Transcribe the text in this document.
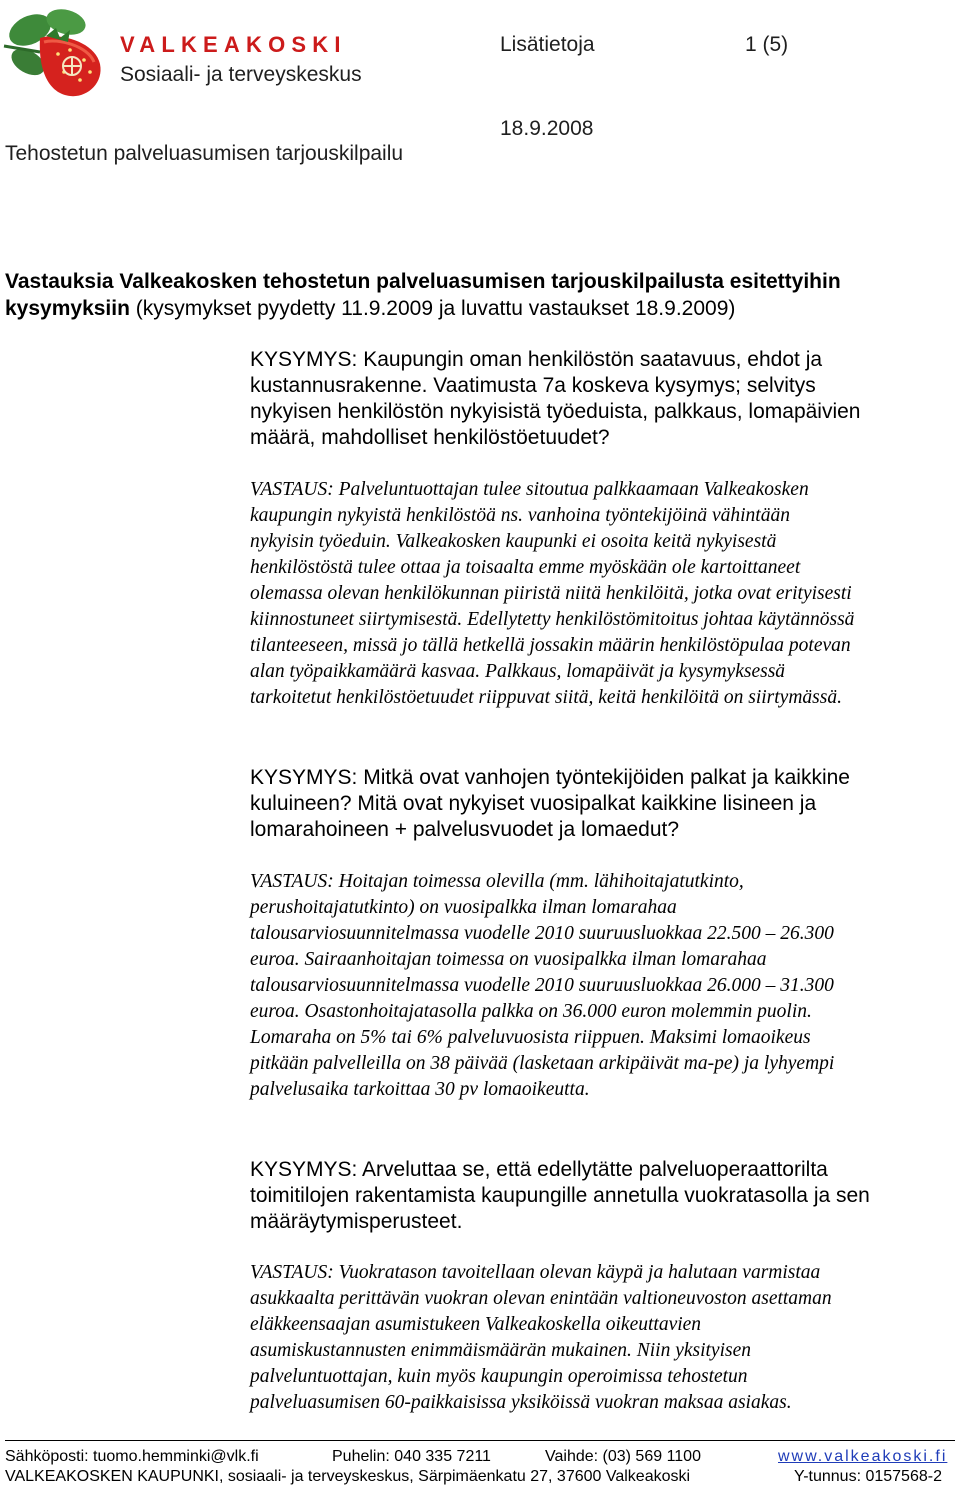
VALKEAKOSKI
Sosiaali- ja terveyskeskus
Lisätietoja	1 (5)
18.9.2008
Tehostetun palveluasumisen tarjouskilpailu
Vastauksia Valkeakosken tehostetun palveluasumisen tarjouskilpailusta esitettyihin
kysymyksiin (kysymykset pyydetty 11.9.2009 ja luvattu vastaukset 18.9.2009)
KYSYMYS: Kaupungin oman henkilöstön saatavuus, ehdot ja
kustannusrakenne. Vaatimusta 7a koskeva kysymys; selvitys
nykyisen henkilöstön nykyisistä työeduista, palkkaus, lomapäivien
määrä, mahdolliset henkilöstöetuudet?
VASTAUS: Palveluntuottajan tulee sitoutua palkkaamaan Valkeakosken
kaupungin nykyistä henkilöstöä ns. vanhoina työntekijöinä vähintään
nykyisin työeduin. Valkeakosken kaupunki ei osoita keitä nykyisestä
henkilöstöstä tulee ottaa ja toisaalta emme myöskään ole kartoittaneet
olemassa olevan henkilökunnan piiristä niitä henkilöitä, jotka ovat erityisesti
kiinnostuneet siirtymisestä. Edellytetty henkilöstömitoitus johtaa käytännössä
tilanteeseen, missä jo tällä hetkellä jossakin määrin henkilöstöpulaa potevan
alan työpaikkamäärä kasvaa. Palkkaus, lomapäivät ja kysymyksessä
tarkoitetut henkilöstöetuudet riippuvat siitä, keitä henkilöitä on siirtymässä.
KYSYMYS: Mitkä ovat vanhojen työntekijöiden palkat ja kaikkine
kuluineen? Mitä ovat nykyiset vuosipalkat kaikkine lisineen ja
lomarahoineen + palvelusvuodet ja lomaedut?
VASTAUS: Hoitajan toimessa olevilla (mm. lähihoitajatutkinto,
perushoitajatutkinto) on vuosipalkka ilman lomarahaa
talousarviosuunnitelmassa vuodelle 2010 suuruusluokkaa 22.500 – 26.300
euroa. Sairaanhoitajan toimessa on vuosipalkka ilman lomarahaa
talousarviosuunnitelmassa vuodelle 2010 suuruusluokkaa 26.000 – 31.300
euroa. Osastonhoitajatasolla palkka on 36.000 euron molemmin puolin.
Lomaraha on 5% tai 6% palveluvuosista riippuen. Maksimi lomaoikeus
pitkään palvelleilla on 38 päivää (lasketaan arkipäivät ma-pe) ja lyhyempi
palvelusaika tarkoittaa 30 pv lomaoikeutta.
KYSYMYS: Arveluttaa se, että edellytätte palveluoperaattorilta
toimitilojen rakentamista kaupungille annetulla vuokratasolla ja sen
määräytymisperusteet.
VASTAUS: Vuokratason tavoitellaan olevan käypä ja halutaan varmistaa
asukkaalta perittävän vuokran olevan enintään valtioneuvoston asettaman
eläkkeensaajan asumistukeen Valkeakoskella oikeuttavien
asumiskustannusten enimmäismäärän mukainen. Niin yksityisen
palveluntuottajan, kuin myös kaupungin operoimissa tehostetun
palveluasumisen 60-paikkaisissa yksiköissä vuokran maksaa asiakas.
Sähköposti: tuomo.hemminki@vlk.fi	Puhelin: 040 335 7211	Vaihde: (03) 569 1100	www.valkeakoski.fi
VALKEAKOSKEN KAUPUNKI, sosiaali- ja terveyskeskus, Särpimäenkatu 27, 37600 Valkeakoski	Y-tunnus: 0157568-2
